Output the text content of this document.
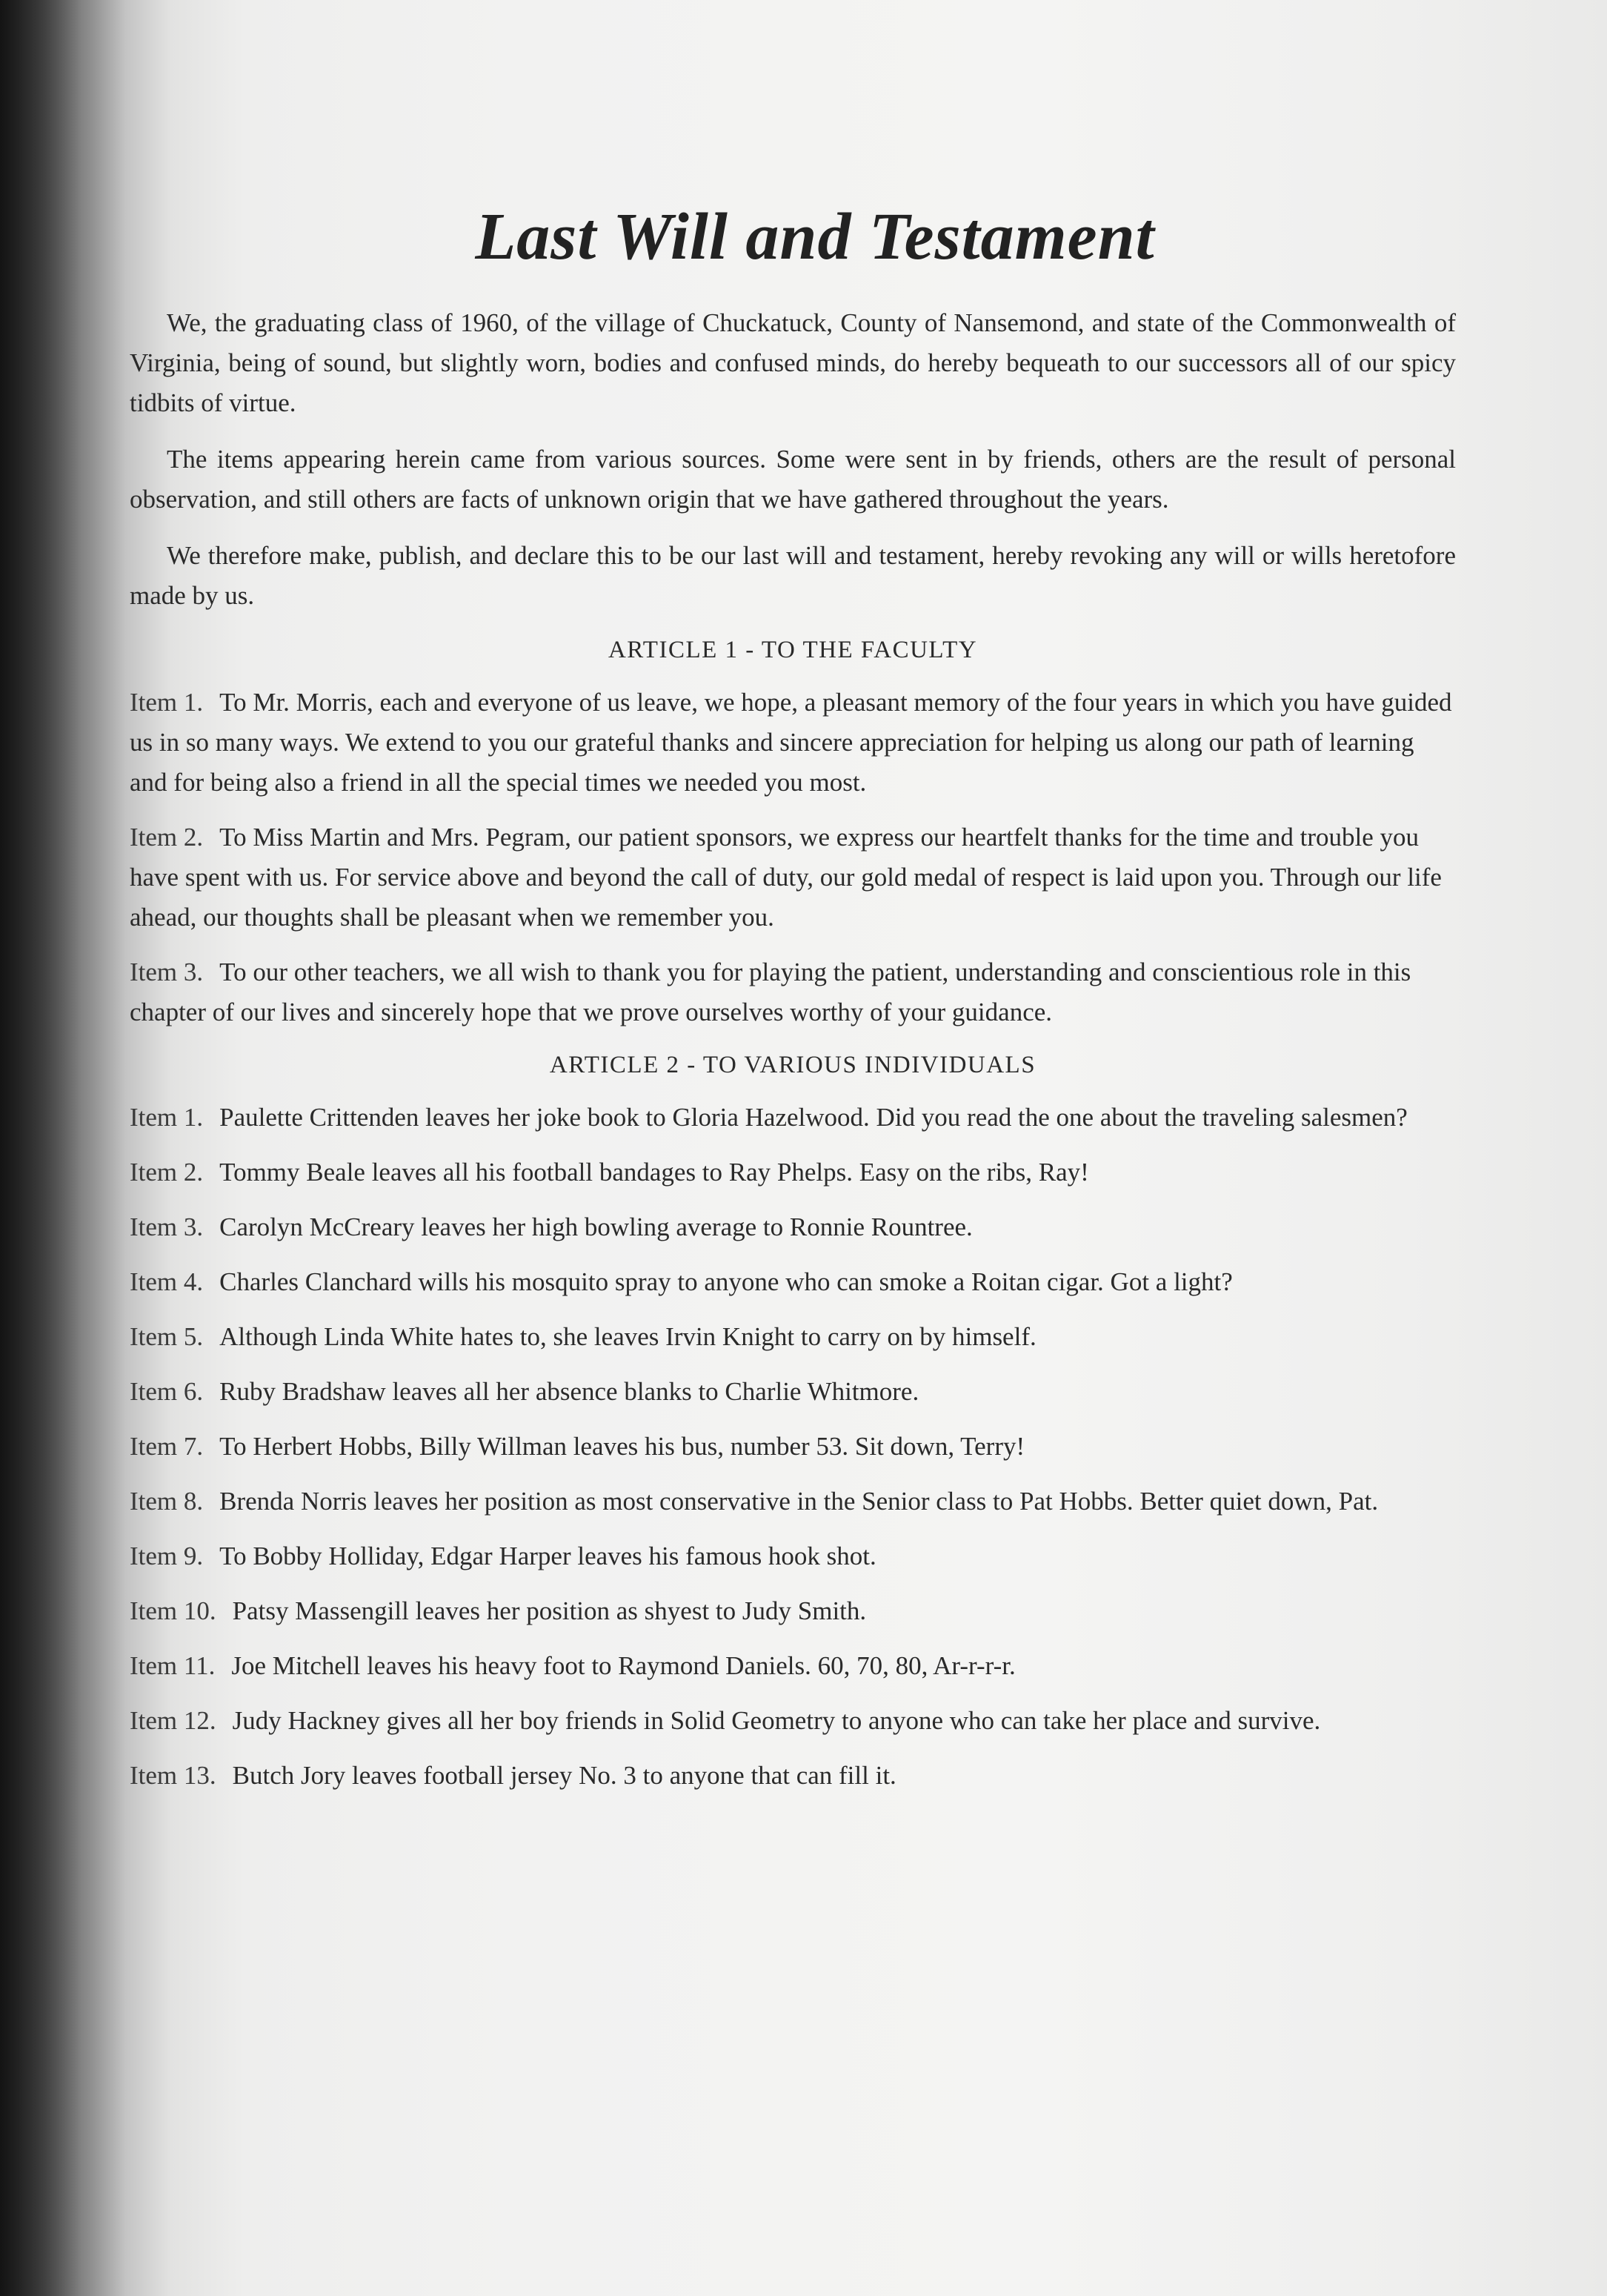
Last Will and Testament

We, the graduating class of 1960, of the village of Chuckatuck, County of Nansemond, and state of the Commonwealth of Virginia, being of sound, but slightly worn, bodies and confused minds, do hereby bequeath to our successors all of our spicy tidbits of virtue.

The items appearing herein came from various sources. Some were sent in by friends, others are the result of personal observation, and still others are facts of unknown origin that we have gathered throughout the years.

We therefore make, publish, and declare this to be our last will and testament, hereby revoking any will or wills heretofore made by us.

ARTICLE 1 - TO THE FACULTY

Item 1. To Mr. Morris, each and everyone of us leave, we hope, a pleasant memory of the four years in which you have guided us in so many ways. We extend to you our grateful thanks and sincere appreciation for helping us along our path of learning and for being also a friend in all the special times we needed you most.

Item 2. To Miss Martin and Mrs. Pegram, our patient sponsors, we express our heartfelt thanks for the time and trouble you have spent with us. For service above and beyond the call of duty, our gold medal of respect is laid upon you. Through our life ahead, our thoughts shall be pleasant when we remember you.

Item 3. To our other teachers, we all wish to thank you for playing the patient, understanding and conscientious role in this chapter of our lives and sincerely hope that we prove ourselves worthy of your guidance.

ARTICLE 2 - TO VARIOUS INDIVIDUALS

Item 1. Paulette Crittenden leaves her joke book to Gloria Hazelwood. Did you read the one about the traveling salesmen?

Item 2. Tommy Beale leaves all his football bandages to Ray Phelps. Easy on the ribs, Ray!

Item 3. Carolyn McCreary leaves her high bowling average to Ronnie Rountree.

Item 4. Charles Clanchard wills his mosquito spray to anyone who can smoke a Roitan cigar. Got a light?

Item 5. Although Linda White hates to, she leaves Irvin Knight to carry on by himself.

Item 6. Ruby Bradshaw leaves all her absence blanks to Charlie Whitmore.

Item 7. To Herbert Hobbs, Billy Willman leaves his bus, number 53. Sit down, Terry!

Item 8. Brenda Norris leaves her position as most conservative in the Senior class to Pat Hobbs. Better quiet down, Pat.

Item 9. To Bobby Holliday, Edgar Harper leaves his famous hook shot.

Item 10. Patsy Massengill leaves her position as shyest to Judy Smith.

Item 11. Joe Mitchell leaves his heavy foot to Raymond Daniels. 60, 70, 80, Ar-r-r-r.

Item 12. Judy Hackney gives all her boy friends in Solid Geometry to anyone who can take her place and survive.

Item 13. Butch Jory leaves football jersey No. 3 to anyone that can fill it.
